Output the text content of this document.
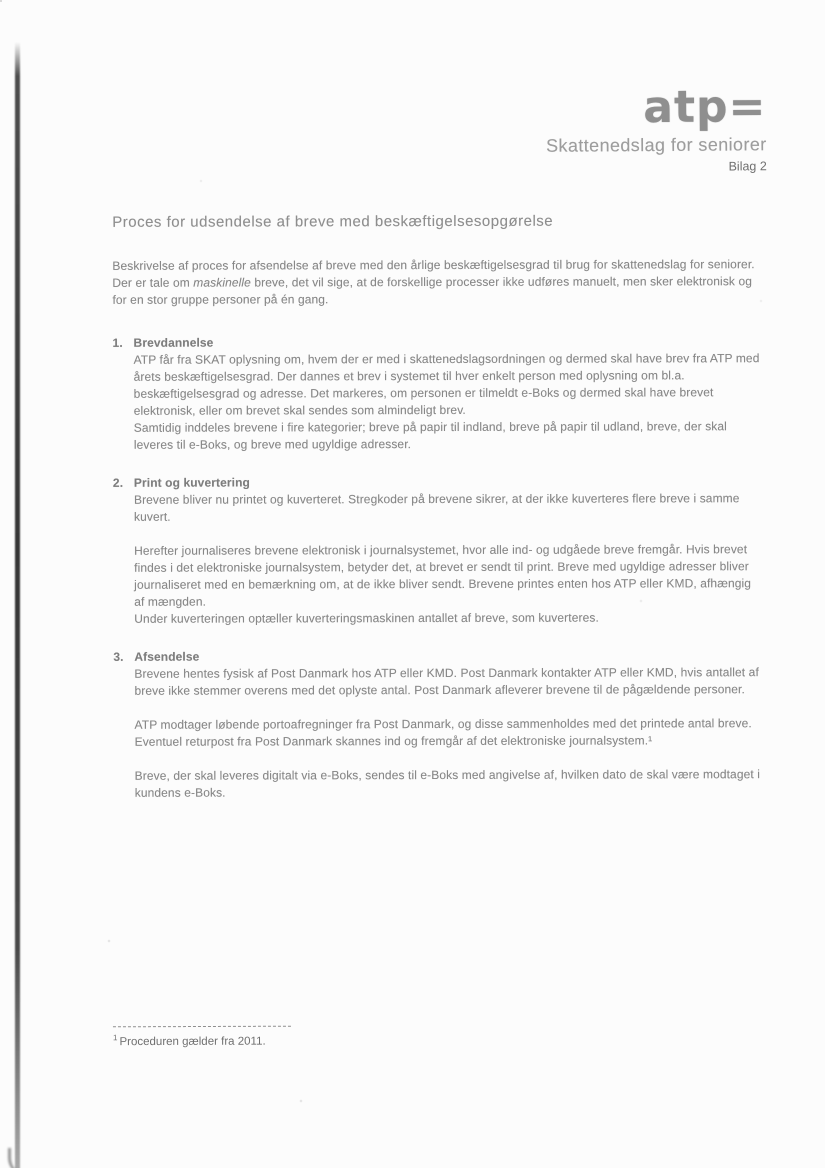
atp=
Skattenedslag for seniorer
Bilag 2
Proces for udsendelse af breve med beskæftigelsesopgørelse

Beskrivelse af proces for afsendelse af breve med den årlige beskæftigelsesgrad til brug for skattenedslag for seniorer. Der er tale om maskinelle breve, det vil sige, at de forskellige processer ikke udføres manuelt, men sker elektronisk og for en stor gruppe personer på én gang.

1. Brevdannelse

ATP får fra SKAT oplysning om, hvem der er med i skattenedslagsordningen og dermed skal have brev fra ATP med årets beskæftigelsesgrad. Der dannes et brev i systemet til hver enkelt person med oplysning om bl.a. beskæftigelsesgrad og adresse. Det markeres, om personen er tilmeldt e-Boks og dermed skal have brevet elektronisk, eller om brevet skal sendes som almindeligt brev.

Samtidig inddeles brevene i fire kategorier; breve på papir til indland, breve på papir til udland, breve, der skal leveres til e-Boks, og breve med ugyldige adresser.

2. Print og kuvertering

Brevene bliver nu printet og kuverteret. Stregkoder på brevene sikrer, at der ikke kuverteres flere breve i samme kuvert.

Herefter journaliseres brevene elektronisk i journalsystemet, hvor alle ind- og udgåede breve fremgår. Hvis brevet findes i det elektroniske journalsystem, betyder det, at brevet er sendt til print. Breve med ugyldige adresser bliver journaliseret med en bemærkning om, at de ikke bliver sendt. Brevene printes enten hos ATP eller KMD, afhængig af mængden.

Under kuverteringen optæller kuverteringsmaskinen antallet af breve, som kuverteres.

3. Afsendelse

Brevene hentes fysisk af Post Danmark hos ATP eller KMD. Post Danmark kontakter ATP eller KMD, hvis antallet af breve ikke stemmer overens med det oplyste antal. Post Danmark afleverer brevene til de pågældende personer.

ATP modtager løbende portoafregninger fra Post Danmark, og disse sammenholdes med det printede antal breve. Eventuel returpost fra Post Danmark skannes ind og fremgår af det elektroniske journalsystem.¹

Breve, der skal leveres digitalt via e-Boks, sendes til e-Boks med angivelse af, hvilken dato de skal være modtaget i kundens e-Boks.

$^1$ Proceduren gælder fra 2011.
